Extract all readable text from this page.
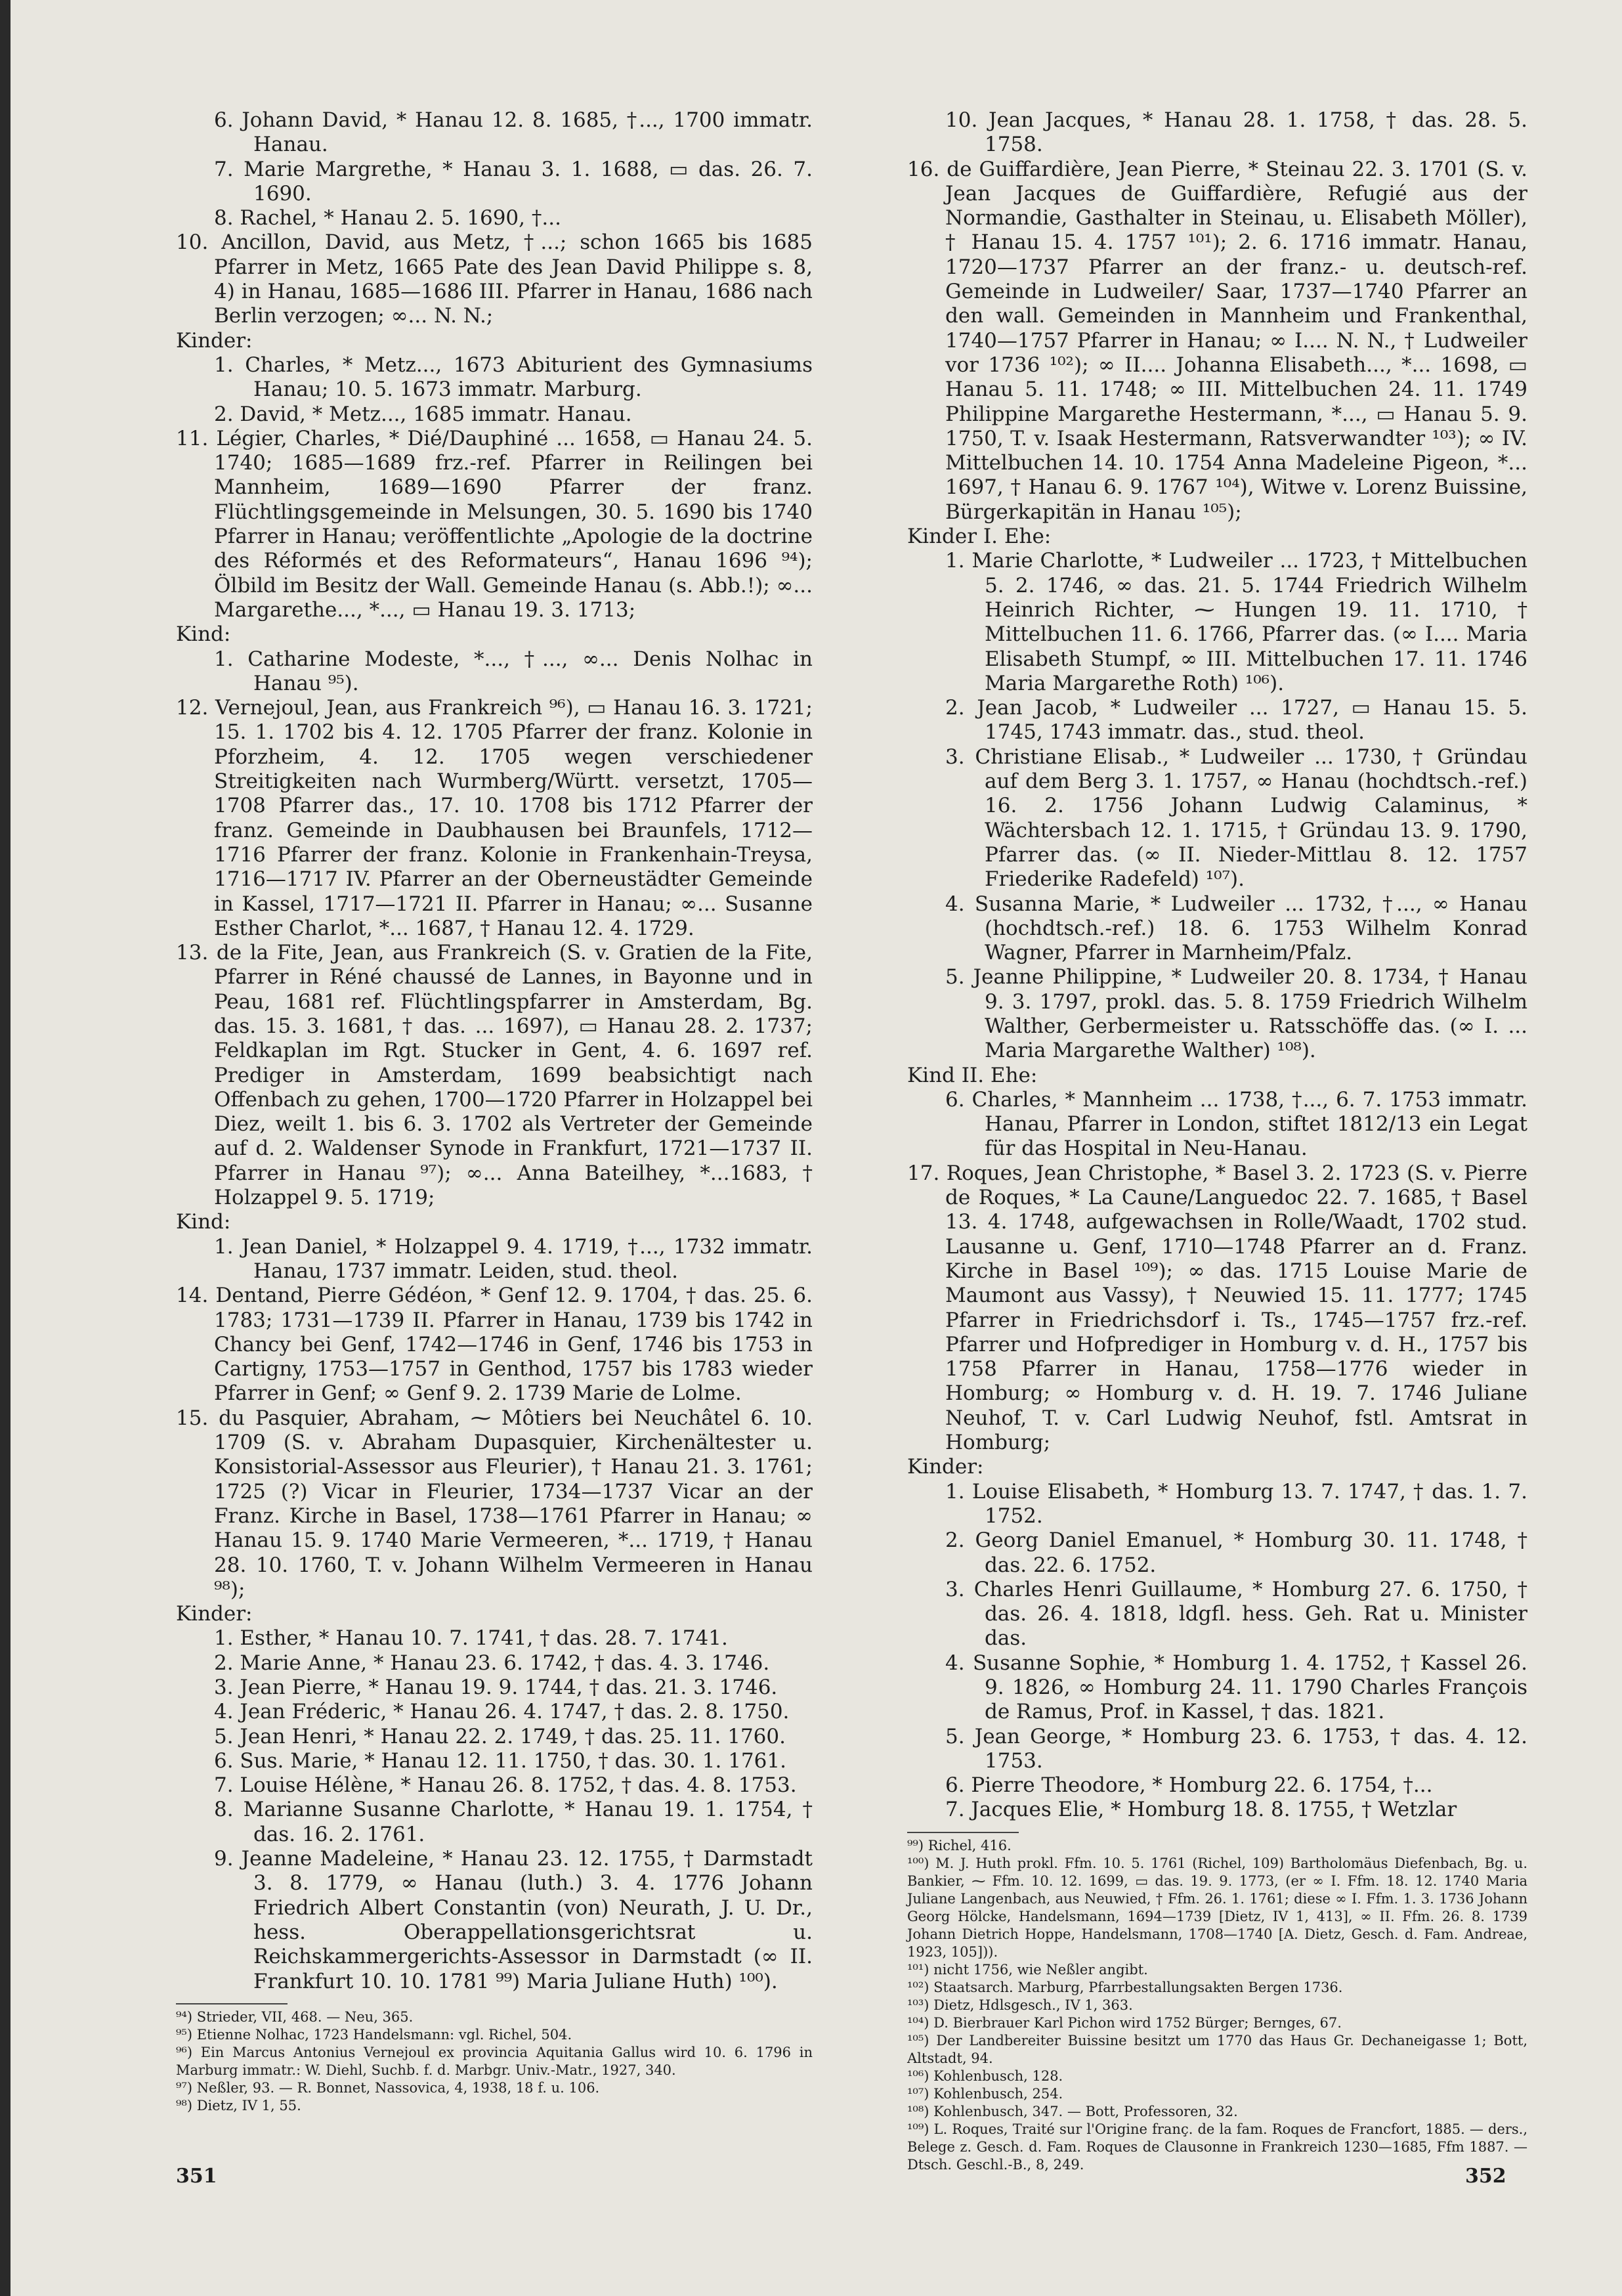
6. Johann David, * Hanau 12. 8. 1685, †..., 1700 immatr. Hanau.

7. Marie Margrethe, * Hanau 3. 1. 1688, ▭ das. 26. 7. 1690.

8. Rachel, * Hanau 2. 5. 1690, †...

10. Ancillon, David, aus Metz, †...; schon 1665 bis 1685 Pfarrer in Metz, 1665 Pate des Jean David Philippe s. 8, 4) in Hanau, 1685—1686 III. Pfarrer in Hanau, 1686 nach Berlin verzogen; ∞... N. N.;

Kinder:

1. Charles, * Metz..., 1673 Abiturient des Gymnasiums Hanau; 10. 5. 1673 immatr. Marburg.

2. David, * Metz..., 1685 immatr. Hanau.

11. Légier, Charles, * Dié/Dauphiné ... 1658, ▭ Hanau 24. 5. 1740; 1685—1689 frz.-ref. Pfarrer in Reilingen bei Mannheim, 1689—1690 Pfarrer der franz. Flüchtlingsgemeinde in Melsungen, 30. 5. 1690 bis 1740 Pfarrer in Hanau; veröffentlichte „Apologie de la doctrine des Réformés et des Reformateurs“, Hanau 1696 ⁹⁴); Ölbild im Besitz der Wall. Gemeinde Hanau (s. Abb.!); ∞... Margarethe..., *..., ▭ Hanau 19. 3. 1713;

Kind:

1. Catharine Modeste, *..., †..., ∞... Denis Nolhac in Hanau ⁹⁵).

12. Vernejoul, Jean, aus Frankreich ⁹⁶), ▭ Hanau 16. 3. 1721; 15. 1. 1702 bis 4. 12. 1705 Pfarrer der franz. Kolonie in Pforzheim, 4. 12. 1705 wegen verschiedener Streitigkeiten nach Wurmberg/Württ. versetzt, 1705—1708 Pfarrer das., 17. 10. 1708 bis 1712 Pfarrer der franz. Gemeinde in Daubhausen bei Braunfels, 1712—1716 Pfarrer der franz. Kolonie in Frankenhain-Treysa, 1716—1717 IV. Pfarrer an der Oberneustädter Gemeinde in Kassel, 1717—1721 II. Pfarrer in Hanau; ∞... Susanne Esther Charlot, *... 1687, † Hanau 12. 4. 1729.

13. de la Fite, Jean, aus Frankreich (S. v. Gratien de la Fite, Pfarrer in Réné chaussé de Lannes, in Bayonne und in Peau, 1681 ref. Flüchtlingspfarrer in Amsterdam, Bg. das. 15. 3. 1681, † das. ... 1697), ▭ Hanau 28. 2. 1737; Feldkaplan im Rgt. Stucker in Gent, 4. 6. 1697 ref. Prediger in Amsterdam, 1699 beabsichtigt nach Offenbach zu gehen, 1700—1720 Pfarrer in Holzappel bei Diez, weilt 1. bis 6. 3. 1702 als Vertreter der Gemeinde auf d. 2. Waldenser Synode in Frankfurt, 1721—1737 II. Pfarrer in Hanau ⁹⁷); ∞... Anna Bateilhey, *...1683, † Holzappel 9. 5. 1719;

Kind:

1. Jean Daniel, * Holzappel 9. 4. 1719, †..., 1732 immatr. Hanau, 1737 immatr. Leiden, stud. theol.

14. Dentand, Pierre Gédéon, * Genf 12. 9. 1704, † das. 25. 6. 1783; 1731—1739 II. Pfarrer in Hanau, 1739 bis 1742 in Chancy bei Genf, 1742—1746 in Genf, 1746 bis 1753 in Cartigny, 1753—1757 in Genthod, 1757 bis 1783 wieder Pfarrer in Genf; ∞ Genf 9. 2. 1739 Marie de Lolme.

15. du Pasquier, Abraham, ⁓ Môtiers bei Neuchâtel 6. 10. 1709 (S. v. Abraham Dupasquier, Kirchenältester u. Konsistorial-Assessor aus Fleurier), † Hanau 21. 3. 1761; 1725 (?) Vicar in Fleurier, 1734—1737 Vicar an der Franz. Kirche in Basel, 1738—1761 Pfarrer in Hanau; ∞ Hanau 15. 9. 1740 Marie Vermeeren, *... 1719, † Hanau 28. 10. 1760, T. v. Johann Wilhelm Vermeeren in Hanau ⁹⁸);

Kinder:

1. Esther, * Hanau 10. 7. 1741, † das. 28. 7. 1741.

2. Marie Anne, * Hanau 23. 6. 1742, † das. 4. 3. 1746.

3. Jean Pierre, * Hanau 19. 9. 1744, † das. 21. 3. 1746.

4. Jean Fréderic, * Hanau 26. 4. 1747, † das. 2. 8. 1750.

5. Jean Henri, * Hanau 22. 2. 1749, † das. 25. 11. 1760.

6. Sus. Marie, * Hanau 12. 11. 1750, † das. 30. 1. 1761.

7. Louise Hélène, * Hanau 26. 8. 1752, † das. 4. 8. 1753.

8. Marianne Susanne Charlotte, * Hanau 19. 1. 1754, † das. 16. 2. 1761.

9. Jeanne Madeleine, * Hanau 23. 12. 1755, † Darmstadt 3. 8. 1779, ∞ Hanau (luth.) 3. 4. 1776 Johann Friedrich Albert Constantin (von) Neurath, J. U. Dr., hess. Oberappellationsgerichtsrat u. Reichskammergerichts-Assessor in Darmstadt (∞ II. Frankfurt 10. 10. 1781 ⁹⁹) Maria Juliane Huth) ¹⁰⁰).

⁹⁴) Strieder, VII, 468. — Neu, 365.

⁹⁵) Etienne Nolhac, 1723 Handelsmann: vgl. Richel, 504.

⁹⁶) Ein Marcus Antonius Vernejoul ex provincia Aquitania Gallus wird 10. 6. 1796 in Marburg immatr.: W. Diehl, Suchb. f. d. Marbgr. Univ.-Matr., 1927, 340.

⁹⁷) Neßler, 93. — R. Bonnet, Nassovica, 4, 1938, 18 f. u. 106.

⁹⁸) Dietz, IV 1, 55.

10. Jean Jacques, * Hanau 28. 1. 1758, † das. 28. 5. 1758.

16. de Guiffardière, Jean Pierre, * Steinau 22. 3. 1701 (S. v. Jean Jacques de Guiffardière, Refugié aus der Normandie, Gasthalter in Steinau, u. Elisabeth Möller), † Hanau 15. 4. 1757 ¹⁰¹); 2. 6. 1716 immatr. Hanau, 1720—1737 Pfarrer an der franz.- u. deutsch-ref. Gemeinde in Ludweiler/ Saar, 1737—1740 Pfarrer an den wall. Gemeinden in Mannheim und Frankenthal, 1740—1757 Pfarrer in Hanau; ∞ I.... N. N., † Ludweiler vor 1736 ¹⁰²); ∞ II.... Johanna Elisabeth..., *... 1698, ▭ Hanau 5. 11. 1748; ∞ III. Mittelbuchen 24. 11. 1749 Philippine Margarethe Hestermann, *..., ▭ Hanau 5. 9. 1750, T. v. Isaak Hestermann, Ratsverwandter ¹⁰³); ∞ IV. Mittelbuchen 14. 10. 1754 Anna Madeleine Pigeon, *... 1697, † Hanau 6. 9. 1767 ¹⁰⁴), Witwe v. Lorenz Buissine, Bürgerkapitän in Hanau ¹⁰⁵);

Kinder I. Ehe:

1. Marie Charlotte, * Ludweiler ... 1723, † Mittelbuchen 5. 2. 1746, ∞ das. 21. 5. 1744 Friedrich Wilhelm Heinrich Richter, ⁓ Hungen 19. 11. 1710, † Mittelbuchen 11. 6. 1766, Pfarrer das. (∞ I.... Maria Elisabeth Stumpf, ∞ III. Mittelbuchen 17. 11. 1746 Maria Margarethe Roth) ¹⁰⁶).

2. Jean Jacob, * Ludweiler ... 1727, ▭ Hanau 15. 5. 1745, 1743 immatr. das., stud. theol.

3. Christiane Elisab., * Ludweiler ... 1730, † Gründau auf dem Berg 3. 1. 1757, ∞ Hanau (hochdtsch.-ref.) 16. 2. 1756 Johann Ludwig Calaminus, * Wächtersbach 12. 1. 1715, † Gründau 13. 9. 1790, Pfarrer das. (∞ II. Nieder-Mittlau 8. 12. 1757 Friederike Radefeld) ¹⁰⁷).

4. Susanna Marie, * Ludweiler ... 1732, †..., ∞ Hanau (hochdtsch.-ref.) 18. 6. 1753 Wilhelm Konrad Wagner, Pfarrer in Marnheim/Pfalz.

5. Jeanne Philippine, * Ludweiler 20. 8. 1734, † Hanau 9. 3. 1797, prokl. das. 5. 8. 1759 Friedrich Wilhelm Walther, Gerbermeister u. Ratsschöffe das. (∞ I. ... Maria Margarethe Walther) ¹⁰⁸).

Kind II. Ehe:

6. Charles, * Mannheim ... 1738, †..., 6. 7. 1753 immatr. Hanau, Pfarrer in London, stiftet 1812/13 ein Legat für das Hospital in Neu-Hanau.

17. Roques, Jean Christophe, * Basel 3. 2. 1723 (S. v. Pierre de Roques, * La Caune/Languedoc 22. 7. 1685, † Basel 13. 4. 1748, aufgewachsen in Rolle/Waadt, 1702 stud. Lausanne u. Genf, 1710—1748 Pfarrer an d. Franz. Kirche in Basel ¹⁰⁹); ∞ das. 1715 Louise Marie de Maumont aus Vassy), † Neuwied 15. 11. 1777; 1745 Pfarrer in Friedrichsdorf i. Ts., 1745—1757 frz.-ref. Pfarrer und Hofprediger in Homburg v. d. H., 1757 bis 1758 Pfarrer in Hanau, 1758—1776 wieder in Homburg; ∞ Homburg v. d. H. 19. 7. 1746 Juliane Neuhof, T. v. Carl Ludwig Neuhof, fstl. Amtsrat in Homburg;

Kinder:

1. Louise Elisabeth, * Homburg 13. 7. 1747, † das. 1. 7. 1752.

2. Georg Daniel Emanuel, * Homburg 30. 11. 1748, † das. 22. 6. 1752.

3. Charles Henri Guillaume, * Homburg 27. 6. 1750, † das. 26. 4. 1818, ldgfl. hess. Geh. Rat u. Minister das.

4. Susanne Sophie, * Homburg 1. 4. 1752, † Kassel 26. 9. 1826, ∞ Homburg 24. 11. 1790 Charles François de Ramus, Prof. in Kassel, † das. 1821.

5. Jean George, * Homburg 23. 6. 1753, † das. 4. 12. 1753.

6. Pierre Theodore, * Homburg 22. 6. 1754, †...

7. Jacques Elie, * Homburg 18. 8. 1755, † Wetzlar

⁹⁹) Richel, 416.

¹⁰⁰) M. J. Huth prokl. Ffm. 10. 5. 1761 (Richel, 109) Bartholomäus Diefenbach, Bg. u. Bankier, ⁓ Ffm. 10. 12. 1699, ▭ das. 19. 9. 1773, (er ∞ I. Ffm. 18. 12. 1740 Maria Juliane Langenbach, aus Neuwied, † Ffm. 26. 1. 1761; diese ∞ I. Ffm. 1. 3. 1736 Johann Georg Hölcke, Handelsmann, 1694—1739 [Dietz, IV 1, 413], ∞ II. Ffm. 26. 8. 1739 Johann Dietrich Hoppe, Handelsmann, 1708—1740 [A. Dietz, Gesch. d. Fam. Andreae, 1923, 105])).

¹⁰¹) nicht 1756, wie Neßler angibt.

¹⁰²) Staatsarch. Marburg, Pfarrbestallungsakten Bergen 1736.

¹⁰³) Dietz, Hdlsgesch., IV 1, 363.

¹⁰⁴) D. Bierbrauer Karl Pichon wird 1752 Bürger; Bernges, 67.

¹⁰⁵) Der Landbereiter Buissine besitzt um 1770 das Haus Gr. Dechaneigasse 1; Bott, Altstadt, 94.

¹⁰⁶) Kohlenbusch, 128.

¹⁰⁷) Kohlenbusch, 254.

¹⁰⁸) Kohlenbusch, 347. — Bott, Professoren, 32.

¹⁰⁹) L. Roques, Traité sur l'Origine franç. de la fam. Roques de Francfort, 1885. — ders., Belege z. Gesch. d. Fam. Roques de Clausonne in Frankreich 1230—1685, Ffm 1887. — Dtsch. Geschl.-B., 8, 249.

351	352
